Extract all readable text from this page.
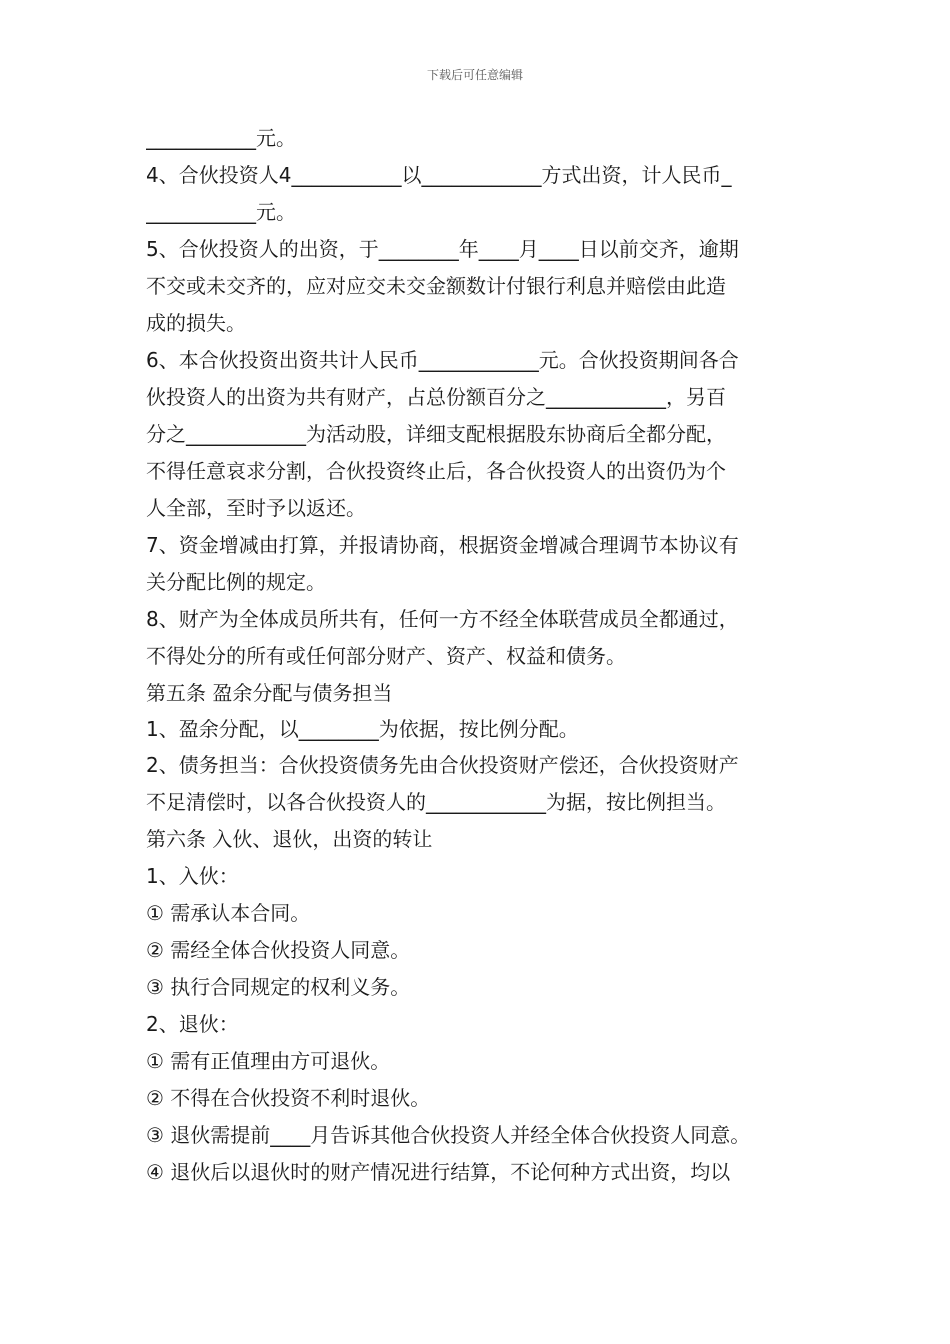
下载后可任意编辑
___________元。
4、合伙投资人4___________以____________方式出资，计人民币_
___________元。
5、合伙投资人的出资，于________年____月____日以前交齐，逾期
不交或未交齐的，应对应交未交金额数计付银行利息并赔偿由此造
成的损失。
6、本合伙投资出资共计人民币____________元。合伙投资期间各合
伙投资人的出资为共有财产，占总份额百分之____________，另百
分之____________为活动股，详细支配根据股东协商后全都分配，
不得任意哀求分割，合伙投资终止后，各合伙投资人的出资仍为个
人全部，至时予以返还。
7、资金增减由打算，并报请协商，根据资金增减合理调节本协议有
关分配比例的规定。
8、财产为全体成员所共有，任何一方不经全体联营成员全都通过，
不得处分的所有或任何部分财产、资产、权益和债务。
第五条 盈余分配与债务担当
1、盈余分配，以________为依据，按比例分配。
2、债务担当：合伙投资债务先由合伙投资财产偿还，合伙投资财产
不足清偿时，以各合伙投资人的____________为据，按比例担当。
第六条 入伙、退伙，出资的转让
1、入伙：
① 需承认本合同。
② 需经全体合伙投资人同意。
③ 执行合同规定的权利义务。
2、退伙：
① 需有正值理由方可退伙。
② 不得在合伙投资不利时退伙。
③ 退伙需提前____月告诉其他合伙投资人并经全体合伙投资人同意。
④ 退伙后以退伙时的财产情况进行结算，不论何种方式出资，均以
